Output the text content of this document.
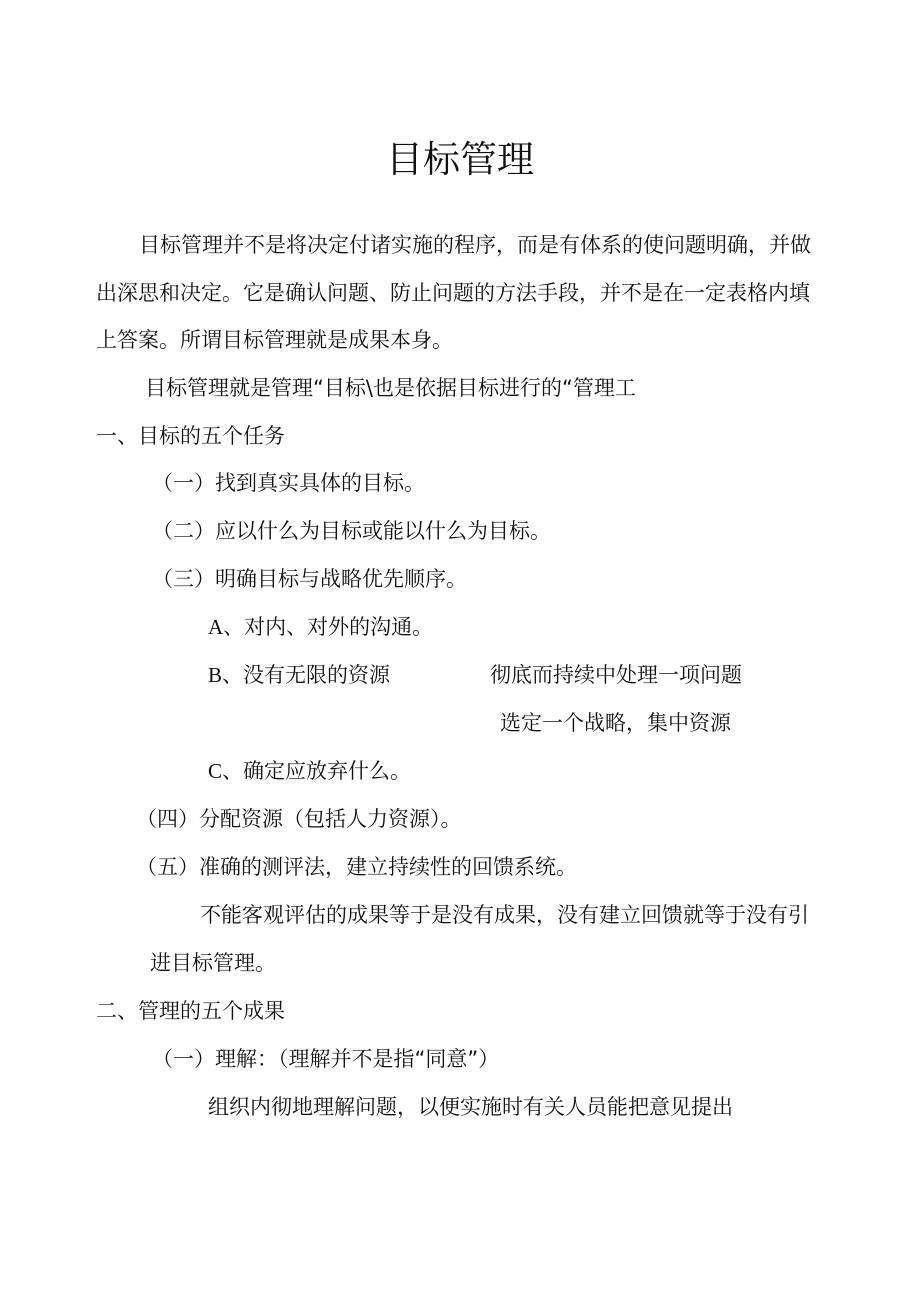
目标管理
目标管理并不是将决定付诸实施的程序，而是有体系的使问题明确，并做
出深思和决定。它是确认问题、防止问题的方法手段，并不是在一定表格内填
上答案。所谓目标管理就是成果本身。
目标管理就是管理“目标\也是依据目标进行的“管理工
一、目标的五个任务
（一）找到真实具体的目标。
（二）应以什么为目标或能以什么为目标。
（三）明确目标与战略优先顺序。
A、对内、对外的沟通。
B、没有无限的资源	彻底而持续中处理一项问题
选定一个战略，集中资源
C、确定应放弃什么。
（四）分配资源（包括人力资源）。
（五）准确的测评法，建立持续性的回馈系统。
不能客观评估的成果等于是没有成果，没有建立回馈就等于没有引
进目标管理。
二、管理的五个成果
（一）理解：（理解并不是指“同意”）
组织内彻地理解问题，以便实施时有关人员能把意见提出
